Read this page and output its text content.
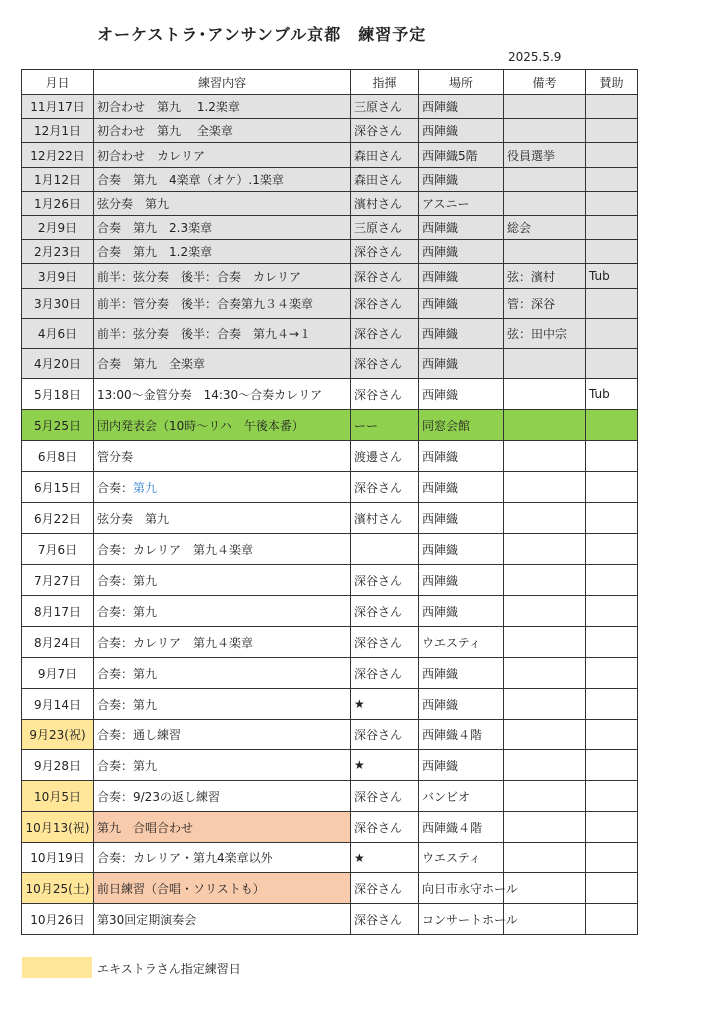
オーケストラ･アンサンブル京都　練習予定
2025.5.9
月日	練習内容	指揮	場所	備考	賛助
11月17日	初合わせ　第九　 1.2楽章	三原さん	西陣織		
12月1日	初合わせ　第九　 全楽章	深谷さん	西陣織		
12月22日	初合わせ　カレリア	森田さん	西陣織5階	役員選挙	
1月12日	合奏　第九　4楽章（オケ）.1楽章	森田さん	西陣織		
1月26日	弦分奏　第九	濱村さん	アスニー		
2月9日	合奏　第九　2.3楽章	三原さん	西陣織	総会	
2月23日	合奏　第九　1.2楽章	深谷さん	西陣織		
3月9日	前半：弦分奏　後半：合奏　カレリア	深谷さん	西陣織	弦：濱村	Tub
3月30日	前半：管分奏　後半：合奏第九３４楽章	深谷さん	西陣織	管：深谷	
4月6日	前半：弦分奏　後半：合奏　第九４→１	深谷さん	西陣織	弦：田中宗	
4月20日	合奏　第九　全楽章	深谷さん	西陣織		
5月18日	13:00～金管分奏　14:30～合奏カレリア	深谷さん	西陣織		Tub
5月25日	団内発表会（10時～リハ　午後本番）	ーー	同窓会館		
6月8日	管分奏	渡邊さん	西陣織		
6月15日	合奏：第九	深谷さん	西陣織		
6月22日	弦分奏　第九	濱村さん	西陣織		
7月6日	合奏：カレリア　第九４楽章		西陣織		
7月27日	合奏：第九	深谷さん	西陣織		
8月17日	合奏：第九	深谷さん	西陣織		
8月24日	合奏：カレリア　第九４楽章	深谷さん	ウエスティ		
9月7日	合奏：第九	深谷さん	西陣織		
9月14日	合奏：第九	★	西陣織		
9月23(祝)	合奏：通し練習	深谷さん	西陣織４階		
9月28日	合奏：第九	★	西陣織		
10月5日	合奏：9/23の返し練習	深谷さん	バンビオ		
10月13(祝)	第九　合唱合わせ	深谷さん	西陣織４階		
10月19日	合奏：カレリア・第九4楽章以外	★	ウエスティ		
10月25(土)	前日練習（合唱・ソリストも）	深谷さん	向日市永守ホール		
10月26日	第30回定期演奏会	深谷さん	コンサートホール		
エキストラさん指定練習日
